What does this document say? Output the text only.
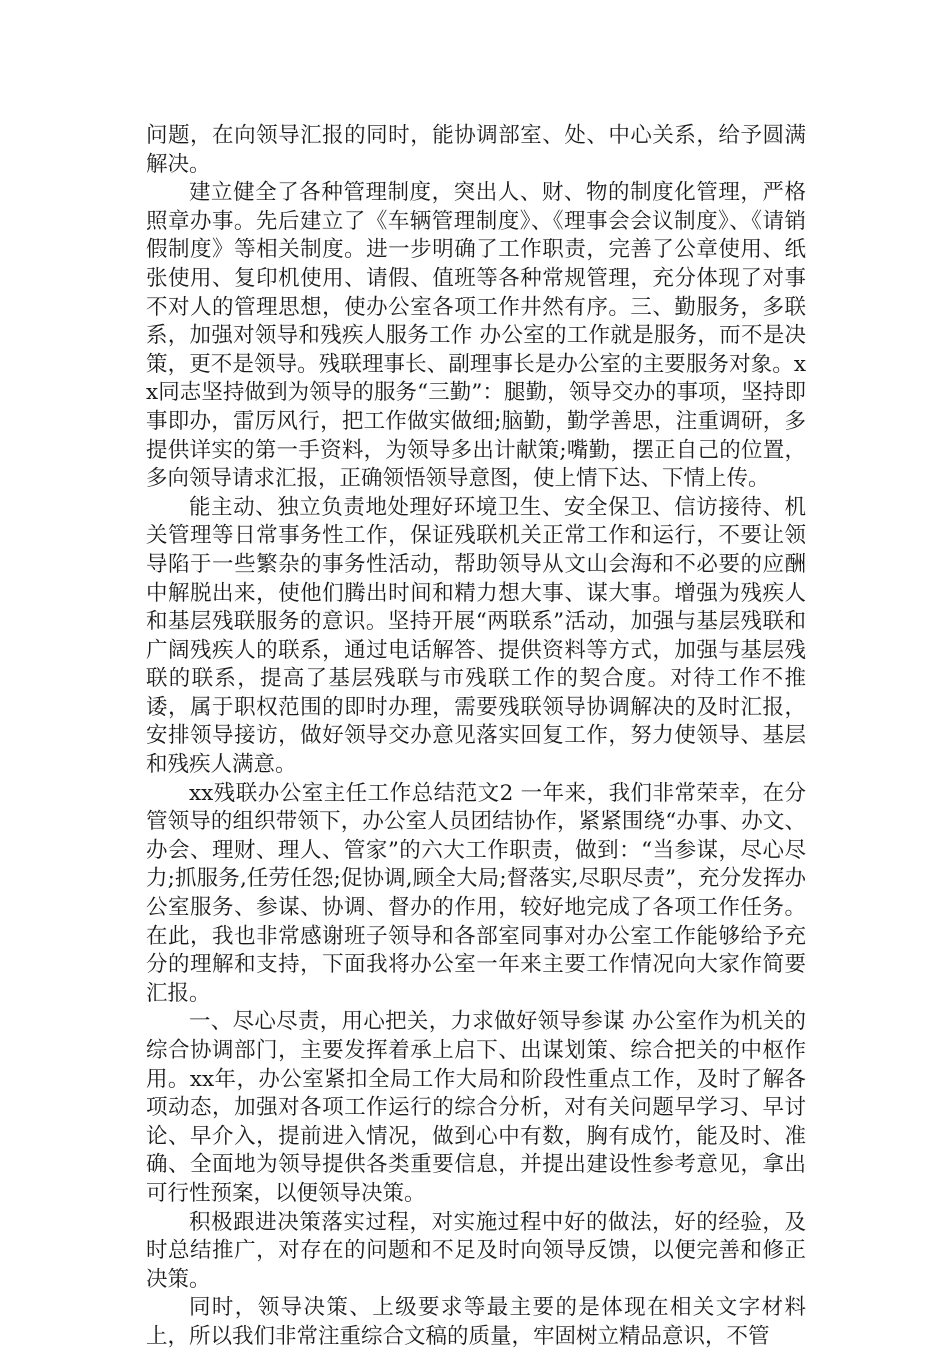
问题，在向领导汇报的同时，能协调部室、处、中心关系，给予圆满解决。

建立健全了各种管理制度，突出人、财、物的制度化管理，严格照章办事。先后建立了《车辆管理制度》、《理事会会议制度》、《请销假制度》等相关制度。进一步明确了工作职责，完善了公章使用、纸张使用、复印机使用、请假、值班等各种常规管理，充分体现了对事不对人的管理思想，使办公室各项工作井然有序。三、勤服务，多联系，加强对领导和残疾人服务工作 办公室的工作就是服务，而不是决策，更不是领导。残联理事长、副理事长是办公室的主要服务对象。xx同志坚持做到为领导的服务“三勤”：腿勤，领导交办的事项，坚持即事即办，雷厉风行，把工作做实做细;脑勤，勤学善思，注重调研，多提供详实的第一手资料，为领导多出计献策;嘴勤，摆正自己的位置，多向领导请求汇报，正确领悟领导意图，使上情下达、下情上传。

能主动、独立负责地处理好环境卫生、安全保卫、信访接待、机关管理等日常事务性工作，保证残联机关正常工作和运行，不要让领导陷于一些繁杂的事务性活动，帮助领导从文山会海和不必要的应酬中解脱出来，使他们腾出时间和精力想大事、谋大事。增强为残疾人和基层残联服务的意识。坚持开展“两联系”活动，加强与基层残联和广阔残疾人的联系，通过电话解答、提供资料等方式，加强与基层残联的联系，提高了基层残联与市残联工作的契合度。对待工作不推诿，属于职权范围的即时办理，需要残联领导协调解决的及时汇报，安排领导接访，做好领导交办意见落实回复工作，努力使领导、基层和残疾人满意。

xx残联办公室主任工作总结范文2 一年来，我们非常荣幸，在分管领导的组织带领下，办公室人员团结协作，紧紧围绕“办事、办文、办会、理财、理人、管家”的六大工作职责，做到：“当参谋，尽心尽力;抓服务,任劳任怨;促协调,顾全大局;督落实,尽职尽责”，充分发挥办公室服务、参谋、协调、督办的作用，较好地完成了各项工作任务。在此，我也非常感谢班子领导和各部室同事对办公室工作能够给予充分的理解和支持，下面我将办公室一年来主要工作情况向大家作简要汇报。

一、尽心尽责，用心把关，力求做好领导参谋 办公室作为机关的综合协调部门，主要发挥着承上启下、出谋划策、综合把关的中枢作用。xx年，办公室紧扣全局工作大局和阶段性重点工作，及时了解各项动态，加强对各项工作运行的综合分析，对有关问题早学习、早讨论、早介入，提前进入情况，做到心中有数，胸有成竹，能及时、准确、全面地为领导提供各类重要信息，并提出建设性参考意见，拿出可行性预案，以便领导决策。

积极跟进决策落实过程，对实施过程中好的做法，好的经验，及时总结推广，对存在的问题和不足及时向领导反馈，以便完善和修正决策。

同时，领导决策、上级要求等最主要的是体现在相关文字材料上，所以我们非常注重综合文稿的质量，牢固树立精品意识，不管
